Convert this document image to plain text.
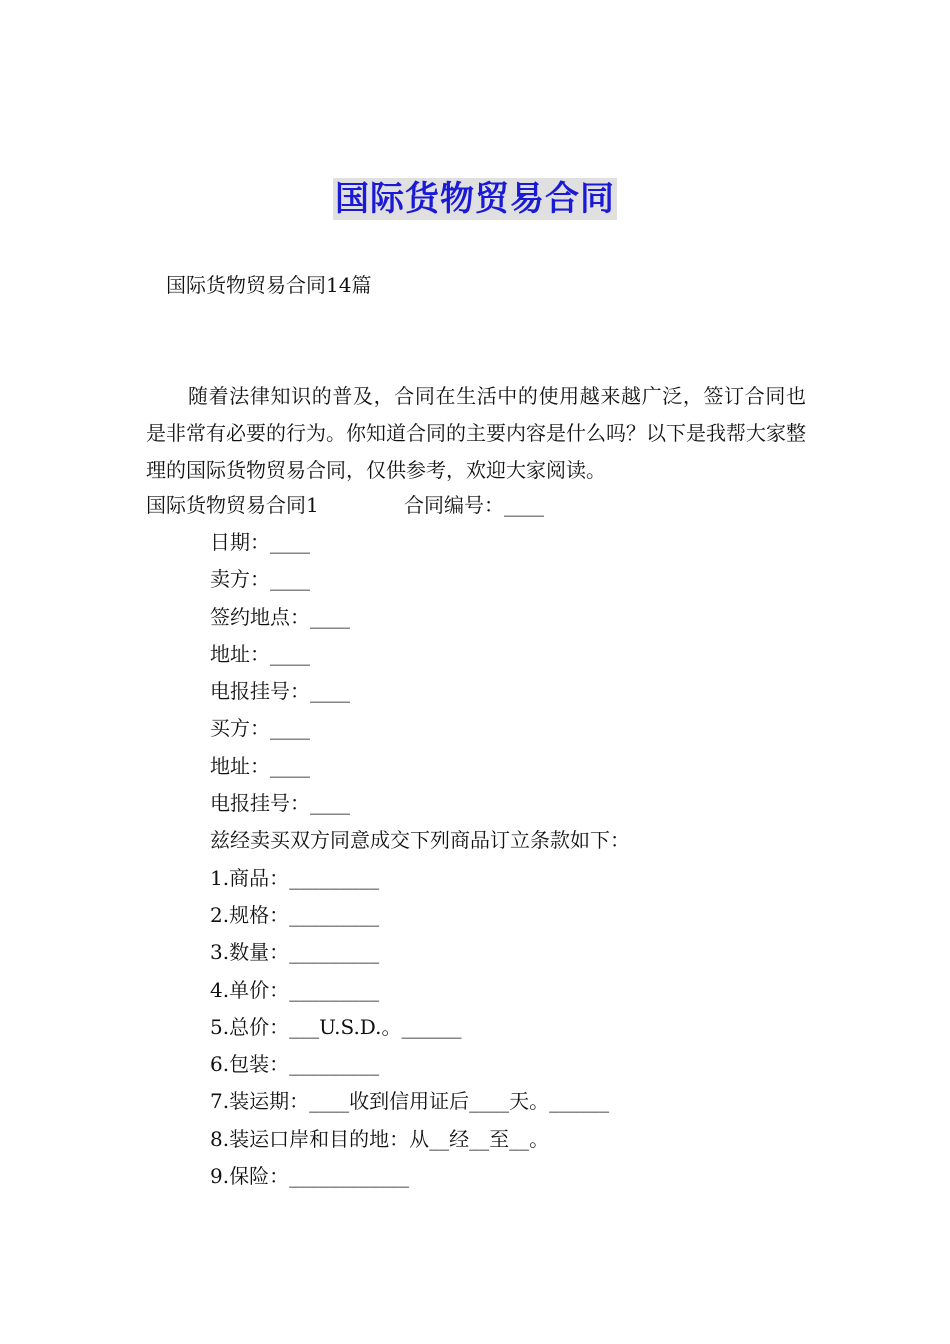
国际货物贸易合同
国际货物贸易合同14篇

随着法律知识的普及，合同在生活中的使用越来越广泛，签订合同也是非常有必要的行为。你知道合同的主要内容是什么吗？以下是我帮大家整理的国际货物贸易合同，仅供参考，欢迎大家阅读。

国际货物贸易合同1	合同编号：____
日期：____
卖方：____
签约地点：____
地址：____
电报挂号：____
买方：____
地址：____
电报挂号：____
兹经卖买双方同意成交下列商品订立条款如下：
1.商品：_________
2.规格：_________
3.数量：_________
4.单价：_________
5.总价：___U.S.D.。______
6.包装：_________
7.装运期：____收到信用证后____天。______
8.装运口岸和目的地：从__经__至__。
9.保险：____________
